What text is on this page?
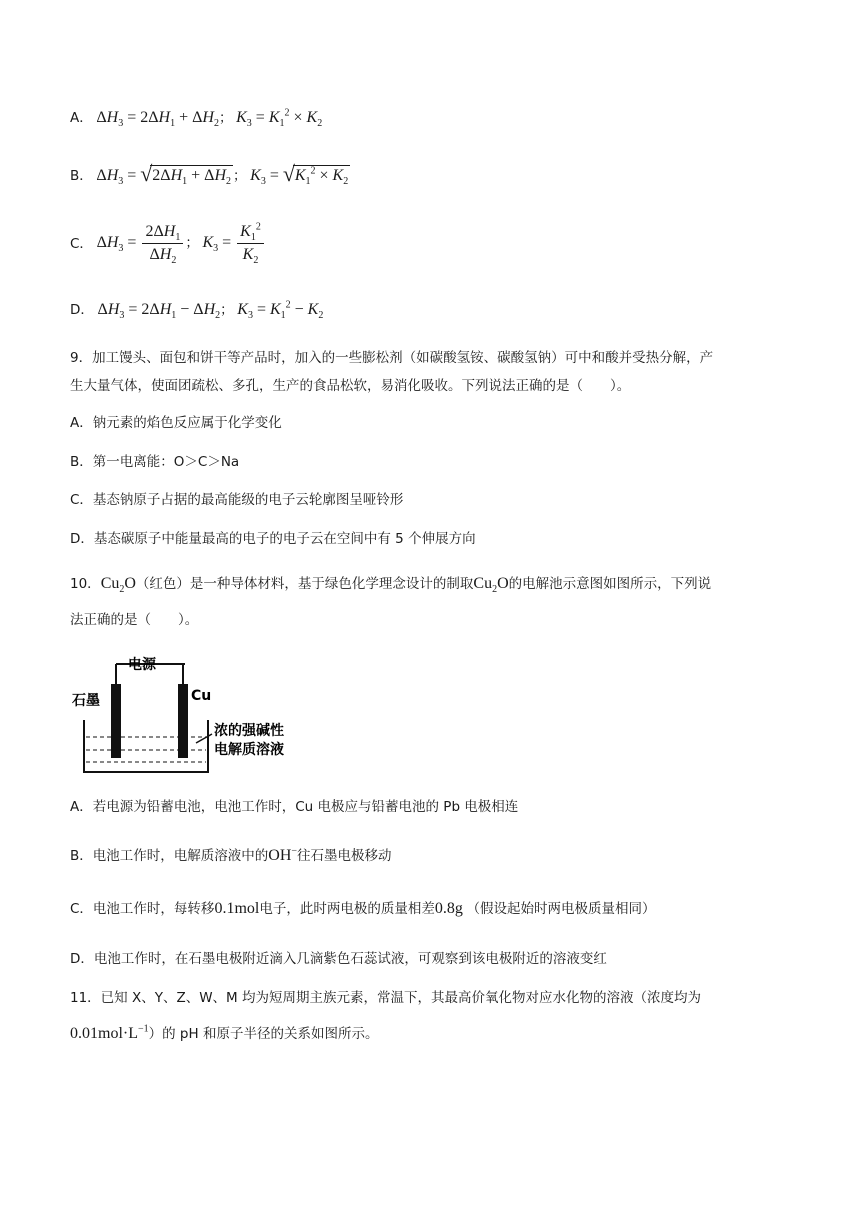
A． $\Delta H_3 = 2\Delta H_1 + \Delta H_2$； $K_3 = K_1^2 \times K_2$
B． $\Delta H_3$ = √ $2\Delta H_1 + \Delta H_2$ ； $K_3$ = √ $K_1^2 \times K_2$
C． $\Delta H_3 = \frac{2\Delta H_1}{\Delta H_2}$ ； $K_3 = \frac{K_1^2}{K_2}$
D． $\Delta H_3 = 2\Delta H_1 - \Delta H_2$； $K_3 = K_1^2 - K_2$
9．加工馒头、面包和饼干等产品时，加入的一些膨松剂（如碳酸氢铵、碳酸氢钠）可中和酸并受热分解，产
生大量气体，使面团疏松、多孔，生产的食品松软，易消化吸收。下列说法正确的是（　　）。
A．钠元素的焰色反应属于化学变化
B．第一电离能：O＞C＞Na
C．基态钠原子占据的最高能级的电子云轮廓图呈哑铃形
D．基态碳原子中能量最高的电子的电子云在空间中有 5 个伸展方向
10．$Cu_2O$（红色）是一种导体材料，基于绿色化学理念设计的制取$Cu_2O$的电解池示意图如图所示，下列说
法正确的是（　　）。
电源
石墨	Cu
浓的强碱性
电解质溶液
A．若电源为铅蓄电池，电池工作时，Cu 电极应与铅蓄电池的 Pb 电极相连
B．电池工作时，电解质溶液中的OH−往石墨电极移动
C．电池工作时，每转移0.1mol电子，此时两电极的质量相差0.8g （假设起始时两电极质量相同）
D．电池工作时，在石墨电极附近滴入几滴紫色石蕊试液，可观察到该电极附近的溶液变红
11．已知 X、Y、Z、W、M 均为短周期主族元素，常温下，其最高价氧化物对应水化物的溶液（浓度均为
$0.01mol\cdot L^{-1}$）的 pH 和原子半径的关系如图所示。
